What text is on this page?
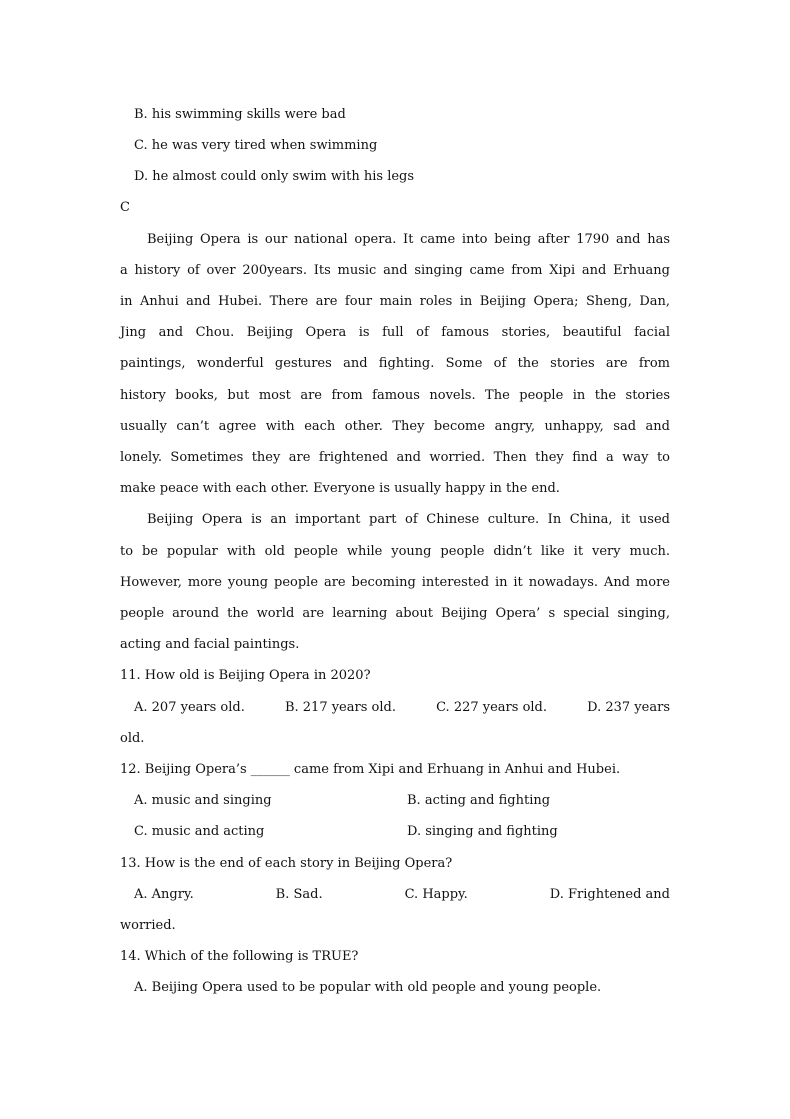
B. his swimming skills were bad
C. he was very tired when swimming
D. he almost could only swim with his legs
C
Beijing Opera is our national opera. It came into being after 1790 and has
a history of over 200years. Its music and singing came from Xipi and Erhuang
in Anhui and Hubei. There are four main roles in Beijing Opera; Sheng, Dan,
Jing and Chou. Beijing Opera is full of famous stories, beautiful facial
paintings, wonderful gestures and fighting. Some of the stories are from
history books, but most are from famous novels. The people in the stories
usually can’t agree with each other. They become angry, unhappy, sad and
lonely. Sometimes they are frightened and worried. Then they find a way to
make peace with each other. Everyone is usually happy in the end.
Beijing Opera is an important part of Chinese culture. In China, it used
to be popular with old people while young people didn’t like it very much.
However, more young people are becoming interested in it nowadays. And more
people around the world are learning about Beijing Opera’ s special singing,
acting and facial paintings.
11. How old is Beijing Opera in 2020?
A. 207 years old.	B. 217 years old.	C. 227 years old.	D. 237 years
old.
12. Beijing Opera’s ______ came from Xipi and Erhuang in Anhui and Hubei.
A. music and singing	B. acting and fighting
C. music and acting	D. singing and fighting
13. How is the end of each story in Beijing Opera?
A. Angry.	B. Sad.	C. Happy.	D. Frightened and
worried.
14. Which of the following is TRUE?
A. Beijing Opera used to be popular with old people and young people.
